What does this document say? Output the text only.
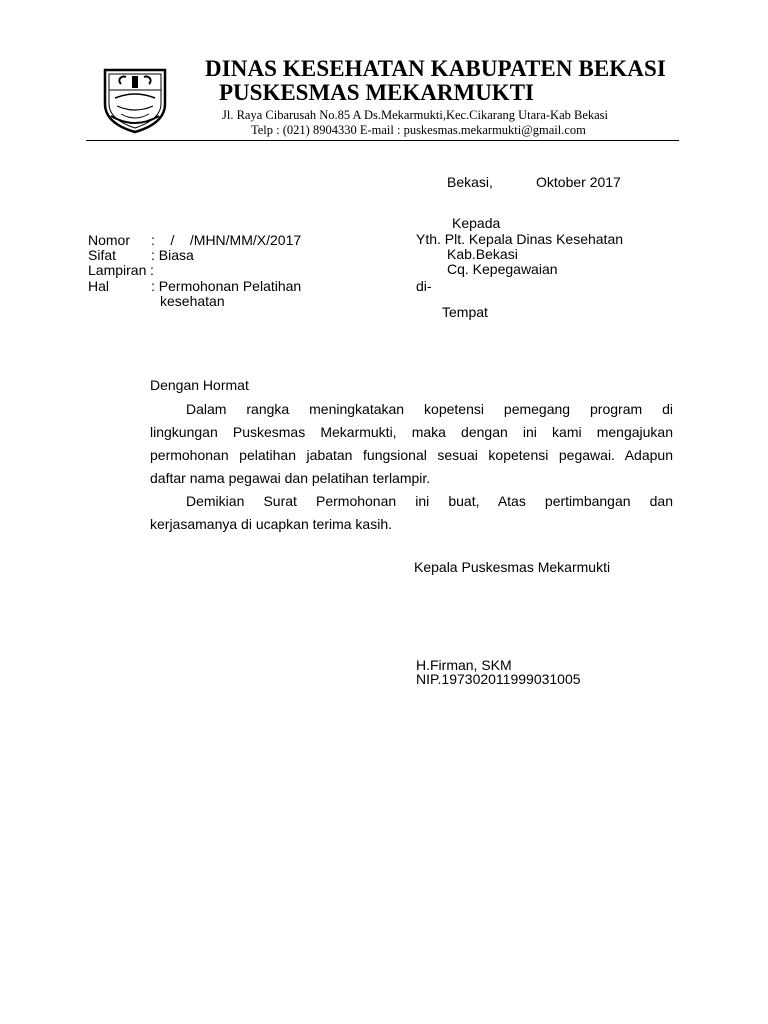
DINAS KESEHATAN KABUPATEN BEKASI
PUSKESMAS MEKARMUKTI
Jl. Raya Cibarusah No.85 A Ds.Mekarmukti,Kec.Cikarang Utara-Kab Bekasi
Telp : (021) 8904330 E-mail : puskesmas.mekarmukti@gmail.com
Bekasi,	Oktober 2017
Kepada
Yth. Plt. Kepala Dinas Kesehatan
Kab.Bekasi
Cq. Kepegawaian
di-
Tempat
Nomor :    /    /MHN/MM/X/2017
Sifat : Biasa
Lampiran :
Hal	: Permohonan Pelatihan
kesehatan
Dengan Hormat
Dalam rangka meningkatakan kopetensi pemegang program di
lingkungan Puskesmas Mekarmukti, maka dengan ini kami mengajukan
permohonan pelatihan jabatan fungsional sesuai kopetensi pegawai. Adapun
daftar nama pegawai dan pelatihan terlampir.
Demikian Surat Permohonan ini buat, Atas pertimbangan dan
kerjasamanya di ucapkan terima kasih.
Kepala Puskesmas Mekarmukti
H.Firman, SKM
NIP.197302011999031005
